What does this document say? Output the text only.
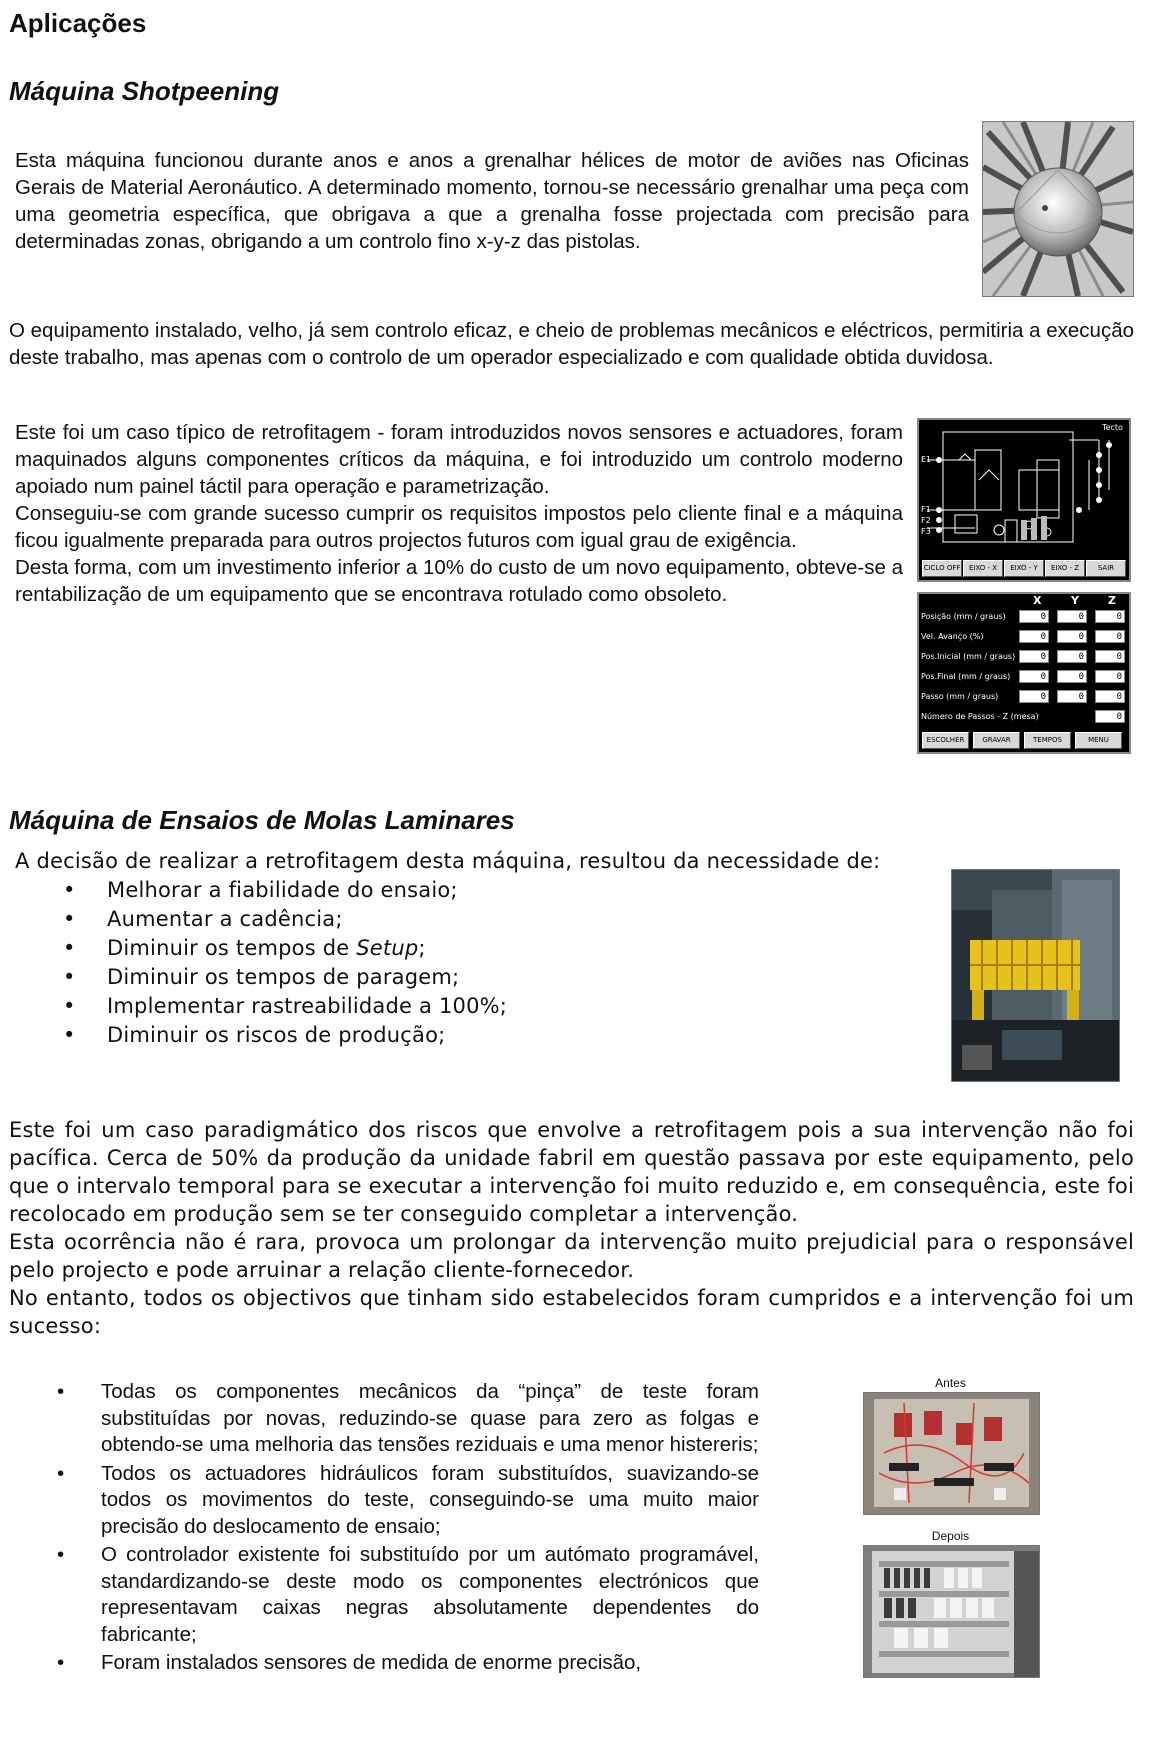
Aplicações
Máquina Shotpeening

Esta máquina funcionou durante anos e anos a grenalhar hélices de motor de aviões nas Oficinas Gerais de Material Aeronáutico. A determinado momento, tornou-se necessário grenalhar uma peça com uma geometria específica, que obrigava a que a grenalha fosse projectada com precisão para determinadas zonas, obrigando a um controlo fino x-y-z das pistolas.

O equipamento instalado, velho, já sem controlo eficaz, e cheio de problemas mecânicos e eléctricos, permitiria a execução deste trabalho, mas apenas com o controlo de um operador especializado e com qualidade obtida duvidosa.

Este foi um caso típico de retrofitagem - foram introduzidos novos sensores e actuadores, foram maquinados alguns componentes críticos da máquina, e foi introduzido um controlo moderno apoiado num painel táctil para operação e parametrização.

Conseguiu-se com grande sucesso cumprir os requisitos impostos pelo cliente final e a máquina ficou igualmente preparada para outros projectos futuros com igual grau de exigência.

Desta forma, com um investimento inferior a 10% do custo de um novo equipamento, obteve-se a rentabilização de um equipamento que se encontrava rotulado como obsoleto.

Tecto
E1
F1
F2
F3
CICLO OFF	EIXO - X	EIXO - Y	EIXO - Z	SAIR
X	Y	Z
Posição (mm / graus)	0	0	0
Vel. Avanço (%)	0	0	0
Pos.Inicial (mm / graus)	0	0	0
Pos.Final (mm / graus)	0	0	0
Passo (mm / graus)	0	0	0
Número de Passos - Z (mesa)	0
ESCOLHER	GRAVAR	TEMPOS	MENU
Máquina de Ensaios de Molas Laminares

A decisão de realizar a retrofitagem desta máquina, resultou da necessidade de:

• Melhorar a fiabilidade do ensaio;
• Aumentar a cadência;
• Diminuir os tempos de Setup;
• Diminuir os tempos de paragem;
• Implementar rastreabilidade a 100%;
• Diminuir os riscos de produção;

Este foi um caso paradigmático dos riscos que envolve a retrofitagem pois a sua intervenção não foi pacífica. Cerca de 50% da produção da unidade fabril em questão passava por este equipamento, pelo que o intervalo temporal para se executar a intervenção foi muito reduzido e, em consequência, este foi recolocado em produção sem se ter conseguido completar a intervenção.

Esta ocorrência não é rara, provoca um prolongar da intervenção muito prejudicial para o responsável pelo projecto e pode arruinar a relação cliente-fornecedor.

No entanto, todos os objectivos que tinham sido estabelecidos foram cumpridos e a intervenção foi um sucesso:

• Todas os componentes mecânicos da “pinça” de teste foram substituídas por novas, reduzindo-se quase para zero as folgas e obtendo-se uma melhoria das tensões reziduais e uma menor histereris;
• Todos os actuadores hidráulicos foram substituídos, suavizando-se todos os movimentos do teste, conseguindo-se uma muito maior precisão do deslocamento de ensaio;
• O controlador existente foi substituído por um autómato programável, standardizando-se deste modo os componentes electrónicos que representavam caixas negras absolutamente dependentes do fabricante;
• Foram instalados sensores de medida de enorme precisão,
Antes
Depois
